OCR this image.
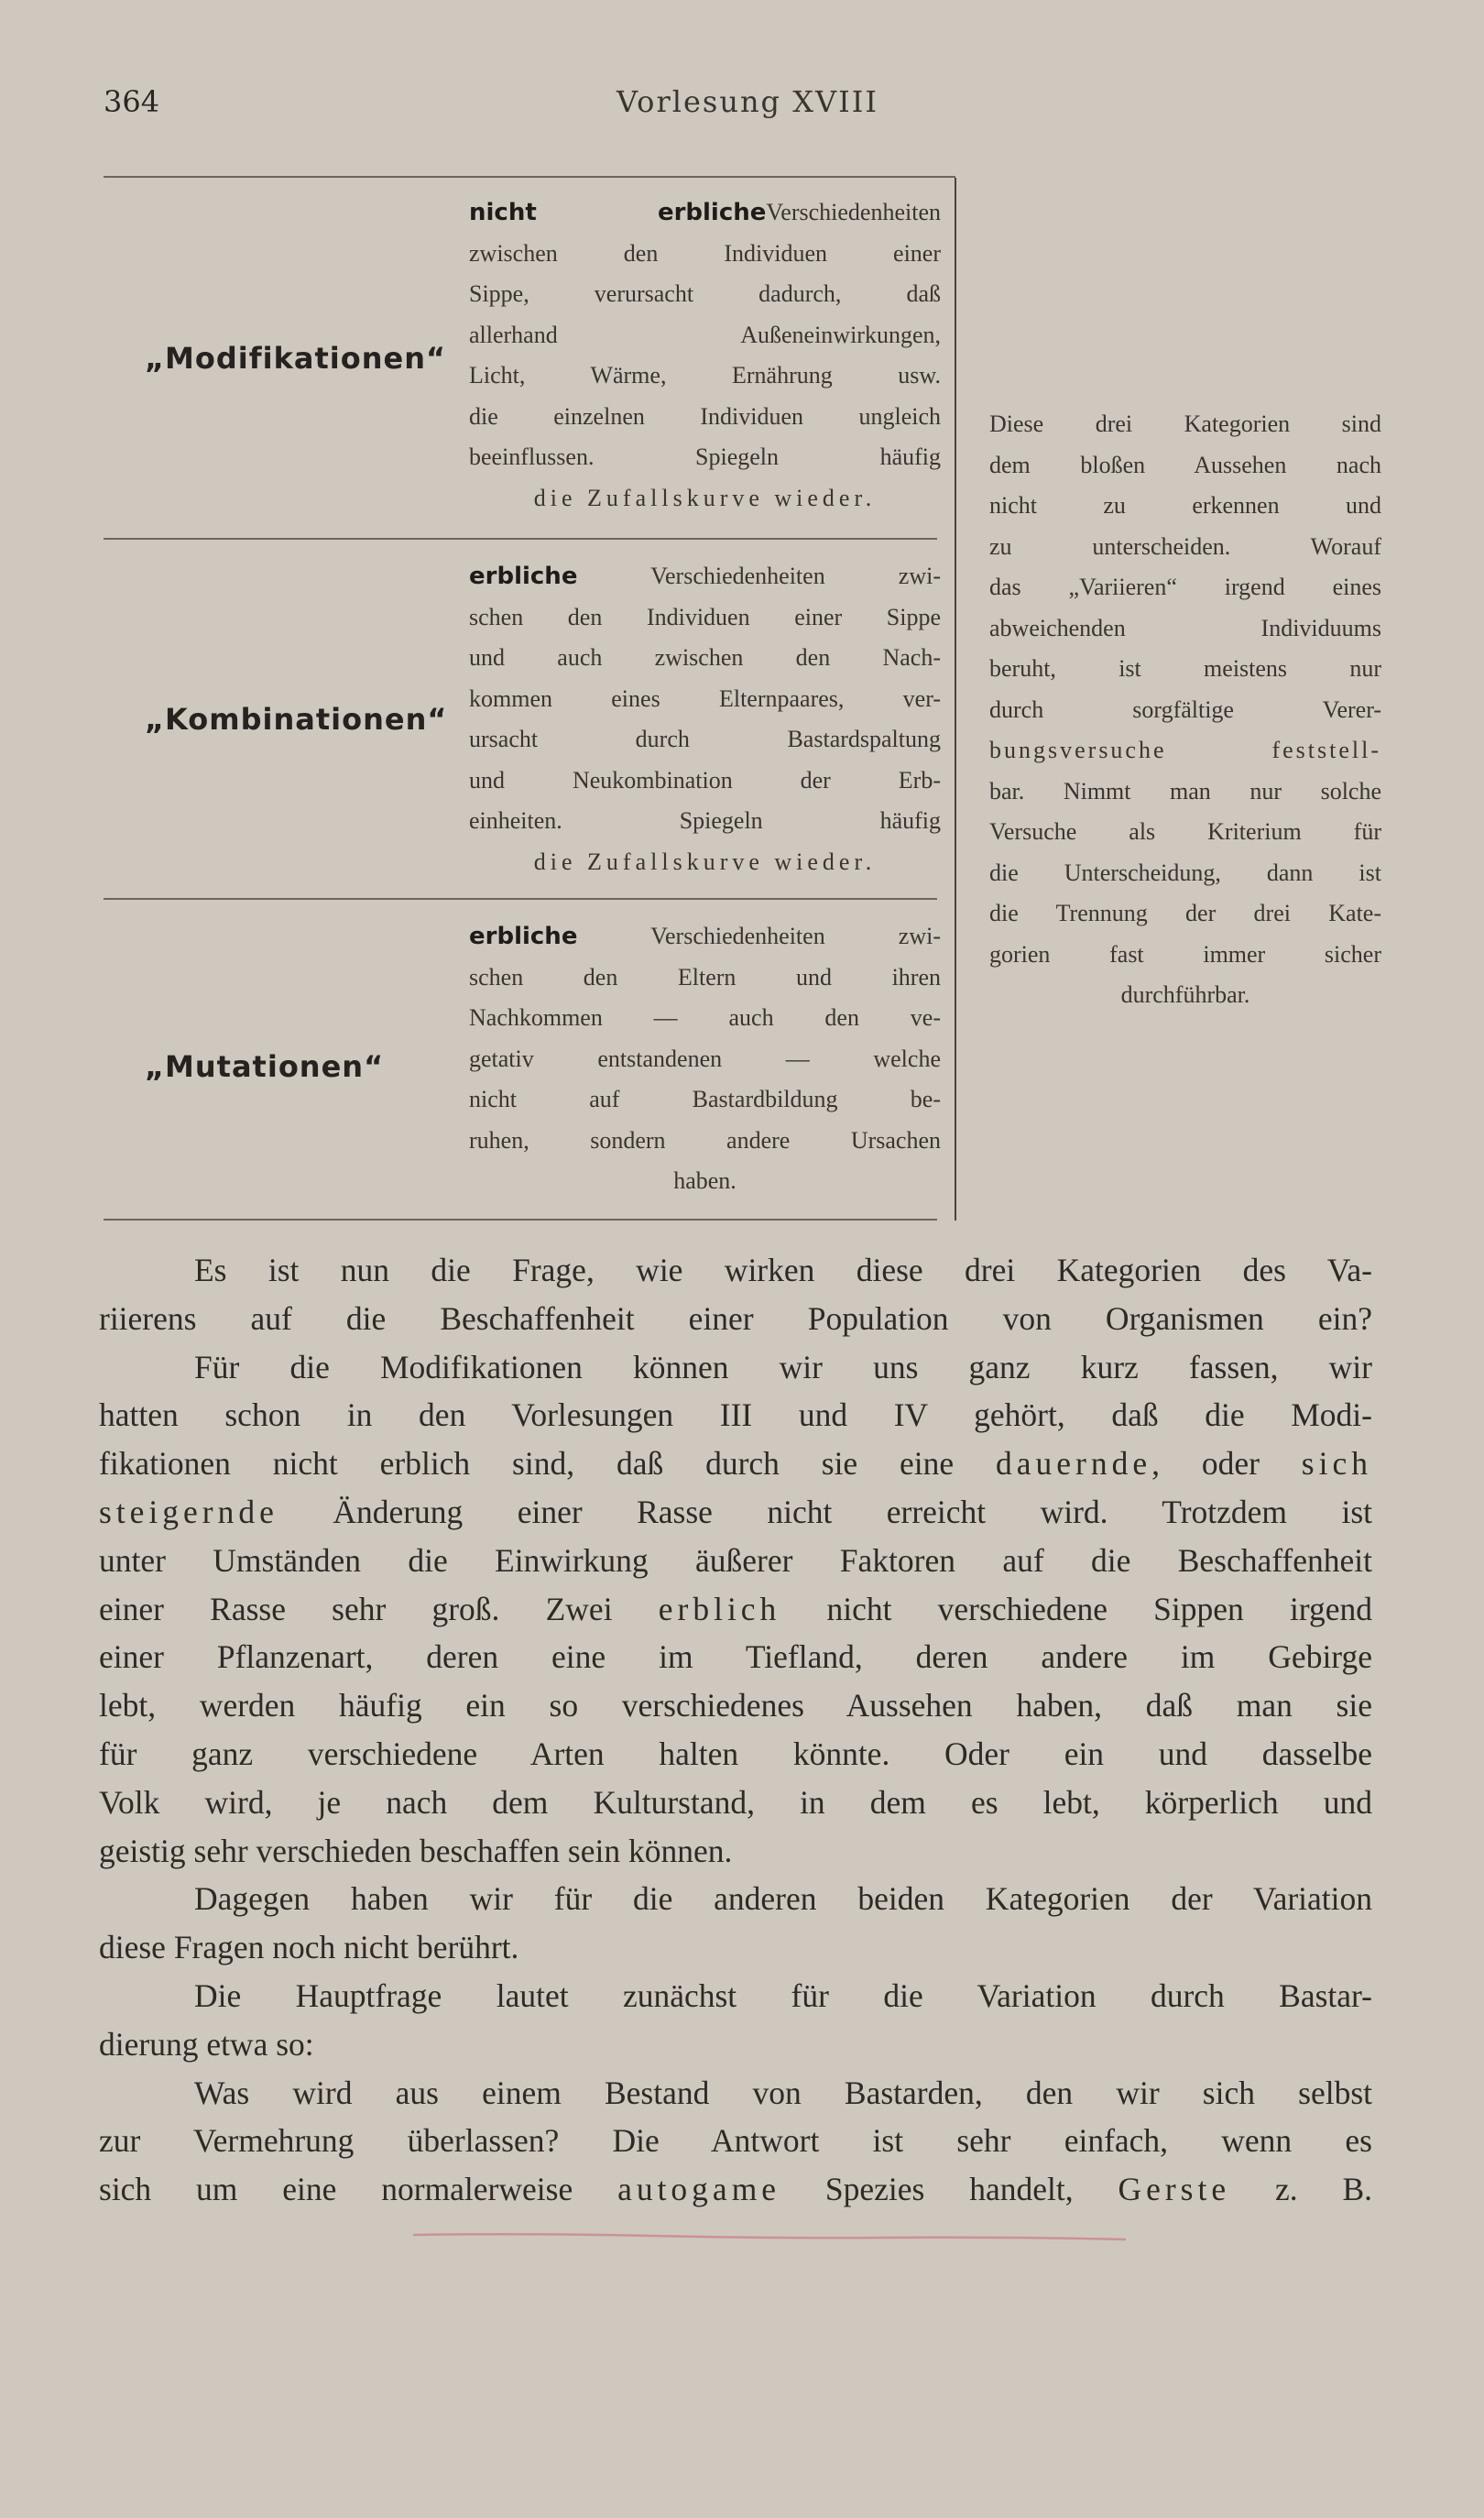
364	Vorlesung XVIII
„Modifikationen“
nicht erblicheVerschiedenheiten
zwischen den Individuen einer
Sippe, verursacht dadurch, daß
allerhand Außeneinwirkungen,
Licht, Wärme, Ernährung usw.
die einzelnen Individuen ungleich
beeinflussen. Spiegeln häufig
die Zufallskurve wieder.
„Kombinationen“
erbliche	Verschiedenheiten zwi-
schen den Individuen einer Sippe
und auch zwischen den Nach-
kommen eines Elternpaares, ver-
ursacht durch Bastardspaltung
und Neukombination der Erb-
einheiten. Spiegeln häufig
die Zufallskurve wieder.
„Mutationen“
erbliche	Verschiedenheiten zwi-
schen den Eltern und ihren
Nachkommen — auch den ve-
getativ entstandenen — welche
nicht auf Bastardbildung be-
ruhen, sondern andere Ursachen
haben.
Diese drei Kategorien sind
dem bloßen Aussehen nach
nicht zu erkennen und
zu unterscheiden. Worauf
das „Variieren“ irgend eines
abweichenden Individuums
beruht, ist meistens nur
durch sorgfältige Verer-
bungsversuche feststell-
bar. Nimmt man nur solche
Versuche als Kriterium für
die Unterscheidung, dann ist
die Trennung der drei Kate-
gorien fast immer sicher
durchführbar.
Es ist nun die Frage, wie wirken diese drei Kategorien des Va-
riierens auf die Beschaffenheit einer Population von Organismen ein?
Für die Modifikationen können wir uns ganz kurz fassen, wir
hatten schon in den Vorlesungen III und IV gehört, daß die Modi-
fikationen nicht erblich sind, daß durch sie eine dauernde, oder sich
steigernde Änderung einer Rasse nicht erreicht wird. Trotzdem ist
unter Umständen die Einwirkung äußerer Faktoren auf die Beschaffenheit
einer Rasse sehr groß. Zwei erblich nicht verschiedene Sippen irgend
einer Pflanzenart, deren eine im Tiefland, deren andere im Gebirge
lebt, werden häufig ein so verschiedenes Aussehen haben, daß man sie
für ganz verschiedene Arten halten könnte. Oder ein und dasselbe
Volk wird, je nach dem Kulturstand, in dem es lebt, körperlich und
geistig sehr verschieden beschaffen sein können.
Dagegen haben wir für die anderen beiden Kategorien der Variation
diese Fragen noch nicht berührt.
Die Hauptfrage lautet zunächst für die Variation durch Bastar-
dierung etwa so:
Was wird aus einem Bestand von Bastarden, den wir sich selbst
zur Vermehrung überlassen? Die Antwort ist sehr einfach, wenn es
sich um eine normalerweise autogame Spezies handelt, Gerste z. B.
